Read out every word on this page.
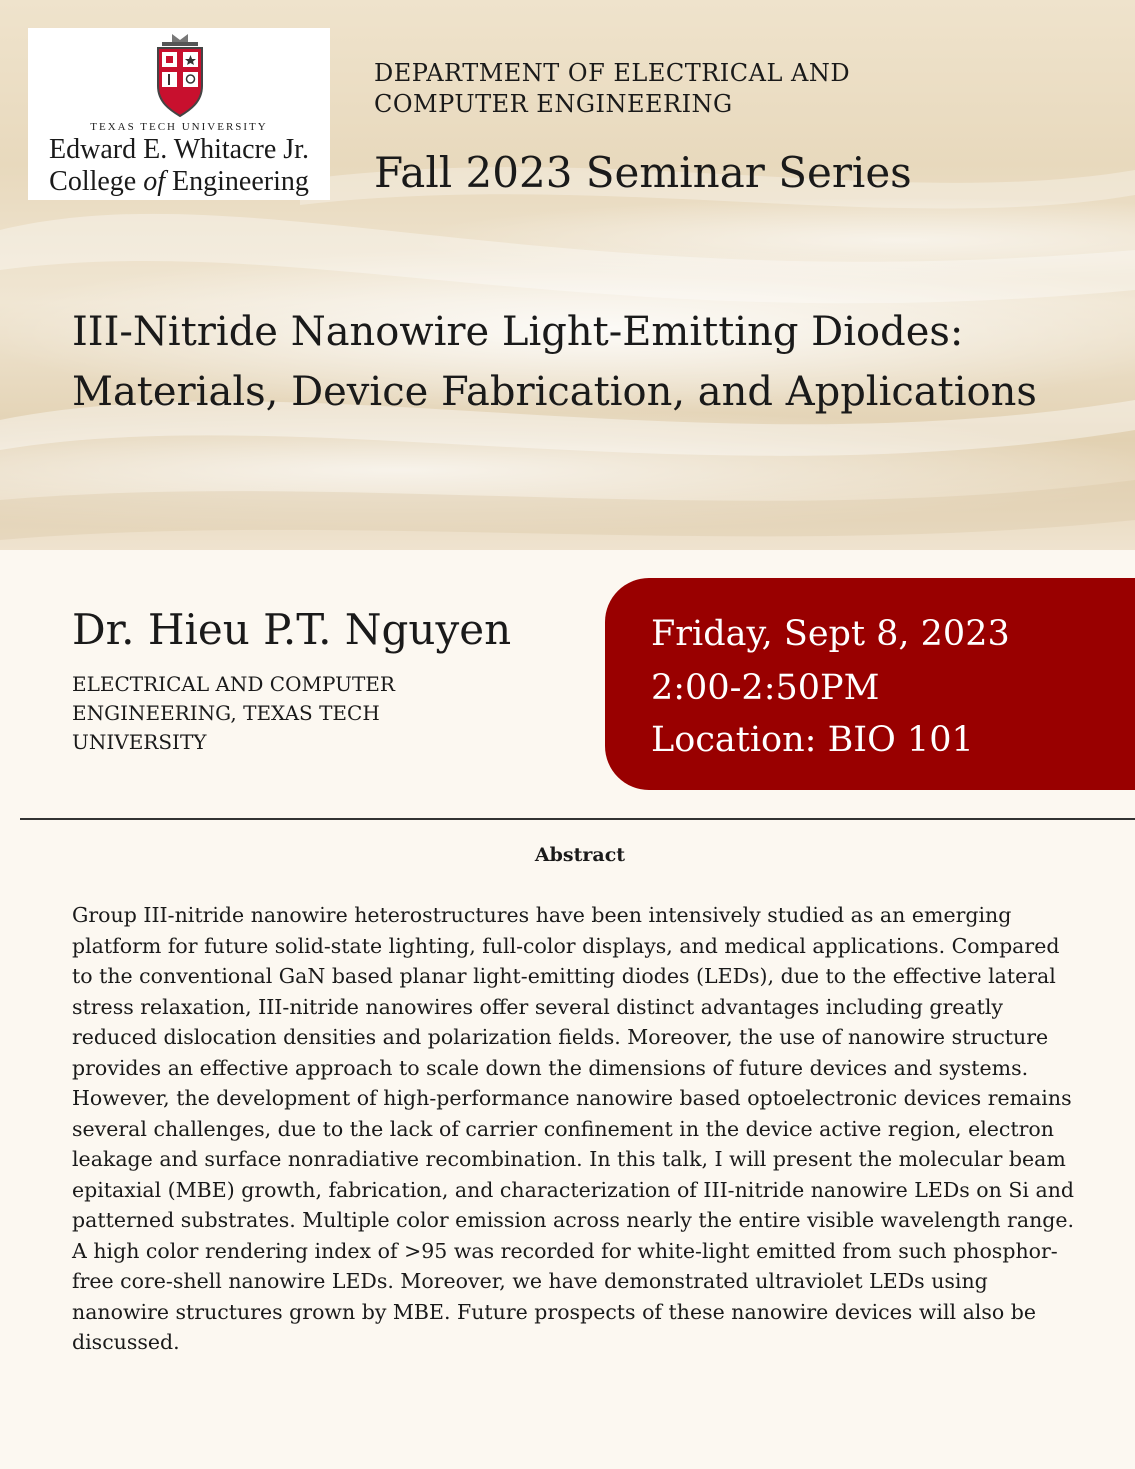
TEXAS TECH UNIVERSITY
Edward E. Whitacre Jr.
College of Engineering
DEPARTMENT OF ELECTRICAL AND COMPUTER ENGINEERING
Fall 2023 Seminar Series
III-Nitride Nanowire Light-Emitting Diodes: Materials, Device Fabrication, and Applications
Dr. Hieu P.T. Nguyen
ELECTRICAL AND COMPUTER ENGINEERING, TEXAS TECH UNIVERSITY
Friday, Sept 8, 2023
2:00-2:50PM
Location: BIO 101
Abstract
Group III-nitride nanowire heterostructures have been intensively studied as an emerging platform for future solid-state lighting, full-color displays, and medical applications. Compared to the conventional GaN based planar light-emitting diodes (LEDs), due to the effective lateral stress relaxation, III-nitride nanowires offer several distinct advantages including greatly reduced dislocation densities and polarization fields. Moreover, the use of nanowire structure provides an effective approach to scale down the dimensions of future devices and systems. However, the development of high-performance nanowire based optoelectronic devices remains several challenges, due to the lack of carrier confinement in the device active region, electron leakage and surface nonradiative recombination. In this talk, I will present the molecular beam epitaxial (MBE) growth, fabrication, and characterization of III-nitride nanowire LEDs on Si and patterned substrates. Multiple color emission across nearly the entire visible wavelength range. A high color rendering index of >95 was recorded for white-light emitted from such phosphor-free core-shell nanowire LEDs. Moreover, we have demonstrated ultraviolet LEDs using nanowire structures grown by MBE. Future prospects of these nanowire devices will also be discussed.
